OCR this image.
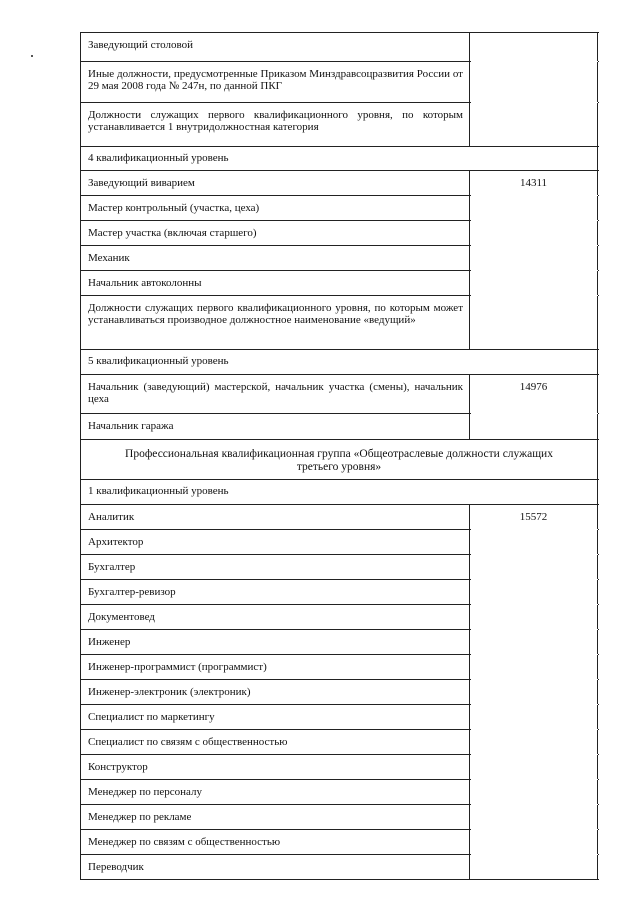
Заведующий столовой
Иные должности, предусмотренные Приказом Минздравсоцразвития России от 29 мая 2008 года № 247н, по данной ПКГ
Должности служащих первого квалификационного уровня, по которым устанавливается 1 внутридолжностная категория
4 квалификационный уровень
Заведующий виварием	14311
Мастер контрольный (участка, цеха)
Мастер участка (включая старшего)
Механик
Начальник автоколонны
Должности служащих первого квалификационного уровня, по которым может устанавливаться производное должностное наименование «ведущий»
5 квалификационный уровень
Начальник (заведующий) мастерской, начальник участка (смены), начальник цеха
14976
Начальник гаража
Профессиональная квалификационная группа «Общеотраслевые должности служащих третьего уровня»
1 квалификационный уровень
Аналитик	15572
Архитектор
Бухгалтер
Бухгалтер-ревизор
Документовед
Инженер
Инженер-программист (программист)
Инженер-электроник (электроник)
Специалист по маркетингу
Специалист по связям с общественностью
Конструктор
Менеджер по персоналу
Менеджер по рекламе
Менеджер по связям с общественностью
Переводчик
